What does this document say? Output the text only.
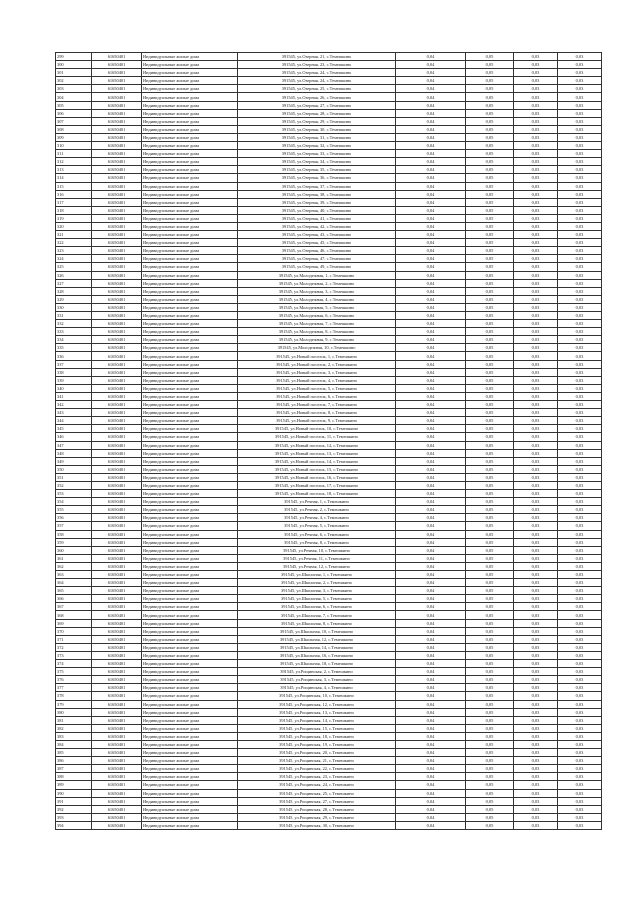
299	61650401	Индивидуальные жилые дома	391545, ул.Озерная, 21, с.Темешкино	0,04	0,05	0,03	0,03
300	61650401	Индивидуальные жилые дома	391545, ул.Озерная, 23, с.Темешкино	0,04	0,05	0,03	0,03
301	61650401	Индивидуальные жилые дома	391545, ул.Озерная, 24, с.Темешкино	0,04	0,05	0,03	0,03
302	61650401	Индивидуальные жилые дома	391545, ул.Озерная, 24, с.Темешкино	0,04	0,05	0,03	0,03
303	61650401	Индивидуальные жилые дома	391545, ул.Озерная, 25, с.Темешкино	0,04	0,05	0,03	0,03
304	61650401	Индивидуальные жилые дома	391545, ул.Озерная, 26, с.Темешкино	0,04	0,05	0,03	0,03
305	61650401	Индивидуальные жилые дома	391545, ул.Озерная, 27, с.Темешкино	0,04	0,05	0,03	0,03
306	61650401	Индивидуальные жилые дома	391545, ул.Озерная, 28, с.Темешкино	0,04	0,05	0,03	0,03
307	61650401	Индивидуальные жилые дома	391545, ул.Озерная, 29, с.Темешкино	0,04	0,05	0,03	0,03
308	61650401	Индивидуальные жилые дома	391545, ул.Озерная, 30, с.Темешкино	0,04	0,05	0,03	0,03
309	61650401	Индивидуальные жилые дома	391545, ул.Озерная, 31, с.Темешкино	0,04	0,05	0,03	0,03
310	61650401	Индивидуальные жилые дома	391545, ул.Озерная, 32, с.Темешкино	0,04	0,05	0,03	0,03
311	61650401	Индивидуальные жилые дома	391545, ул.Озерная, 33, с.Темешкино	0,04	0,05	0,03	0,03
312	61650401	Индивидуальные жилые дома	391545, ул.Озерная, 34, с.Темешкино	0,04	0,05	0,03	0,03
313	61650401	Индивидуальные жилые дома	391545, ул.Озерная, 35, с.Темешкино	0,04	0,05	0,03	0,03
314	61650401	Индивидуальные жилые дома	391545, ул.Озерная, 36, с.Темешкино	0,04	0,05	0,03	0,03
315	61650401	Индивидуальные жилые дома	391545, ул.Озерная, 37, с.Темешкино	0,04	0,05	0,03	0,03
316	61650401	Индивидуальные жилые дома	391545, ул.Озерная, 38, с.Темешкино	0,04	0,05	0,03	0,03
317	61650401	Индивидуальные жилые дома	391545, ул.Озерная, 39, с.Темешкино	0,04	0,05	0,03	0,03
318	61650401	Индивидуальные жилые дома	391545, ул.Озерная, 40, с.Темешкино	0,04	0,05	0,03	0,03
319	61650401	Индивидуальные жилые дома	391545, ул.Озерная, 41, с.Темешкино	0,04	0,05	0,03	0,03
320	61650401	Индивидуальные жилые дома	391545, ул.Озерная, 42, с.Темешкино	0,04	0,05	0,03	0,03
321	61650401	Индивидуальные жилые дома	391545, ул.Озерная, 43, с.Темешкино	0,04	0,05	0,03	0,03
322	61650401	Индивидуальные жилые дома	391545, ул.Озерная, 45, с.Темешкино	0,04	0,05	0,03	0,03
323	61650401	Индивидуальные жилые дома	391545, ул.Озерная, 46, с.Темешкино	0,04	0,05	0,03	0,03
324	61650401	Индивидуальные жилые дома	391545, ул.Озерная, 47, с.Темешкино	0,04	0,05	0,03	0,03
325	61650401	Индивидуальные жилые дома	391545, ул.Озерная, 49, с.Темешкино	0,04	0,05	0,03	0,03
326	61650401	Индивидуальные жилые дома	391545, ул.Молодежная, 1, с.Темешкино	0,04	0,05	0,03	0,03
327	61650401	Индивидуальные жилые дома	391545, ул.Молодежная, 2, с.Темешкино	0,04	0,05	0,03	0,03
328	61650401	Индивидуальные жилые дома	391545, ул.Молодежная, 3, с.Темешкино	0,04	0,05	0,03	0,03
329	61650401	Индивидуальные жилые дома	391545, ул.Молодежная, 4, с.Темешкино	0,04	0,05	0,03	0,03
330	61650401	Индивидуальные жилые дома	391545, ул.Молодежная, 5, с.Темешкино	0,04	0,05	0,03	0,03
331	61650401	Индивидуальные жилые дома	391545, ул.Молодежная, 6, с.Темешкино	0,04	0,05	0,03	0,03
332	61650401	Индивидуальные жилые дома	391545, ул.Молодежная, 7, с.Темешкино	0,04	0,05	0,03	0,03
333	61650401	Индивидуальные жилые дома	391545, ул.Молодежная, 8, с.Темешкино	0,04	0,05	0,03	0,03
334	61650401	Индивидуальные жилые дома	391545, ул.Молодежная, 9, с.Темешкино	0,04	0,05	0,03	0,03
335	61650401	Индивидуальные жилые дома	391545, ул.Молодежная, 10, с.Темешкино	0,04	0,05	0,03	0,03
336	61650401	Индивидуальные жилые дома	391545, ул.Новый поселок, 1, с.Темешкино	0,04	0,05	0,03	0,03
337	61650401	Индивидуальные жилые дома	391545, ул.Новый поселок, 2, с.Темешкино	0,04	0,05	0,03	0,03
338	61650401	Индивидуальные жилые дома	391545, ул.Новый поселок, 3, с.Темешкино	0,04	0,05	0,03	0,03
339	61650401	Индивидуальные жилые дома	391545, ул.Новый поселок, 4, с.Темешкино	0,04	0,05	0,03	0,03
340	61650401	Индивидуальные жилые дома	391545, ул.Новый поселок, 5, с.Темешкино	0,04	0,05	0,03	0,03
341	61650401	Индивидуальные жилые дома	391545, ул.Новый поселок, 6, с.Темешкино	0,04	0,05	0,03	0,03
342	61650401	Индивидуальные жилые дома	391545, ул.Новый поселок, 7, с.Темешкино	0,04	0,05	0,03	0,03
343	61650401	Индивидуальные жилые дома	391545, ул.Новый поселок, 8, с.Темешкино	0,04	0,05	0,03	0,03
344	61650401	Индивидуальные жилые дома	391545, ул.Новый поселок, 9, с.Темешкино	0,04	0,05	0,03	0,03
345	61650401	Индивидуальные жилые дома	391545, ул.Новый поселок, 10, с.Темешкино	0,04	0,05	0,03	0,03
346	61650401	Индивидуальные жилые дома	391545, ул.Новый поселок, 11, с.Темешкино	0,04	0,05	0,03	0,03
347	61650401	Индивидуальные жилые дома	391545, ул.Новый поселок, 12, с.Темешкино	0,04	0,05	0,03	0,03
348	61650401	Индивидуальные жилые дома	391545, ул.Новый поселок, 13, с.Темешкино	0,04	0,05	0,03	0,03
349	61650401	Индивидуальные жилые дома	391545, ул.Новый поселок, 14, с.Темешкино	0,04	0,05	0,03	0,03
350	61650401	Индивидуальные жилые дома	391545, ул.Новый поселок, 15, с.Темешкино	0,04	0,05	0,03	0,03
351	61650401	Индивидуальные жилые дома	391545, ул.Новый поселок, 16, с.Темешкино	0,04	0,05	0,03	0,03
352	61650401	Индивидуальные жилые дома	391545, ул.Новый поселок, 17, с.Темешкино	0,04	0,05	0,03	0,03
353	61650401	Индивидуальные жилые дома	391545, ул.Новый поселок, 18, с.Темешкино	0,04	0,05	0,03	0,03
354	61650401	Индивидуальные жилые дома	391545, ул.Речная, 1, с.Темешкино	0,04	0,05	0,03	0,03
355	61650401	Индивидуальные жилые дома	391545, ул.Речная, 2, с.Темешкино	0,04	0,05	0,03	0,03
356	61650401	Индивидуальные жилые дома	391545, ул.Речная, 4, с.Темешкино	0,04	0,05	0,03	0,03
357	61650401	Индивидуальные жилые дома	391545, ул.Речная, 5, с.Темешкино	0,04	0,05	0,03	0,03
358	61650401	Индивидуальные жилые дома	391545, ул.Речная, 6, с.Темешкино	0,04	0,05	0,03	0,03
359	61650401	Индивидуальные жилые дома	391545, ул.Речная, 8, с.Темешкино	0,04	0,05	0,03	0,03
360	61650401	Индивидуальные жилые дома	391545, ул.Речная, 10, с.Темешкино	0,04	0,05	0,03	0,03
361	61650401	Индивидуальные жилые дома	391545, ул.Речная, 11, с.Темешкино	0,04	0,05	0,03	0,03
362	61650401	Индивидуальные жилые дома	391545, ул.Речная, 12, с.Темешкино	0,04	0,05	0,03	0,03
363	61650401	Индивидуальные жилые дома	391545, ул.Школьная, 1, с.Темешкино	0,04	0,05	0,03	0,03
364	61650401	Индивидуальные жилые дома	391545, ул.Школьная, 2, с.Темешкино	0,04	0,05	0,03	0,03
365	61650401	Индивидуальные жилые дома	391545, ул.Школьная, 3, с.Темешкино	0,04	0,05	0,03	0,03
366	61650401	Индивидуальные жилые дома	391545, ул.Школьная, 5, с.Темешкино	0,04	0,05	0,03	0,03
367	61650401	Индивидуальные жилые дома	391545, ул.Школьная, 6, с.Темешкино	0,04	0,05	0,03	0,03
368	61650401	Индивидуальные жилые дома	391545, ул.Школьная, 7, с.Темешкино	0,04	0,05	0,03	0,03
369	61650401	Индивидуальные жилые дома	391545, ул.Школьная, 8, с.Темешкино	0,04	0,05	0,03	0,03
370	61650401	Индивидуальные жилые дома	391545, ул.Школьная, 10, с.Темешкино	0,04	0,05	0,03	0,03
371	61650401	Индивидуальные жилые дома	391545, ул.Школьная, 12, с.Темешкино	0,04	0,05	0,03	0,03
372	61650401	Индивидуальные жилые дома	391545, ул.Школьная, 14, с.Темешкино	0,04	0,05	0,03	0,03
373	61650401	Индивидуальные жилые дома	391545, ул.Школьная, 16, с.Темешкино	0,04	0,05	0,03	0,03
374	61650401	Индивидуальные жилые дома	391545, ул.Школьная, 18, с.Темешкино	0,04	0,05	0,03	0,03
375	61650401	Индивидуальные жилые дома	391545, ул.Рощинская, 2, с.Темешкино	0,04	0,05	0,03	0,03
376	61650401	Индивидуальные жилые дома	391545, ул.Рощинская, 3, с.Темешкино	0,04	0,05	0,03	0,03
377	61650401	Индивидуальные жилые дома	391545, ул.Рощинская, 4, с.Темешкино	0,04	0,05	0,03	0,03
378	61650401	Индивидуальные жилые дома	391545, ул.Рощинская, 10, с.Темешкино	0,04	0,05	0,03	0,03
379	61650401	Индивидуальные жилые дома	391545, ул.Рощинская, 12, с.Темешкино	0,04	0,05	0,03	0,03
380	61650401	Индивидуальные жилые дома	391545, ул.Рощинская, 13, с.Темешкино	0,04	0,05	0,03	0,03
381	61650401	Индивидуальные жилые дома	391545, ул.Рощинская, 14, с.Темешкино	0,04	0,05	0,03	0,03
382	61650401	Индивидуальные жилые дома	391545, ул.Рощинская, 15, с.Темешкино	0,04	0,05	0,03	0,03
383	61650401	Индивидуальные жилые дома	391545, ул.Рощинская, 18, с.Темешкино	0,04	0,05	0,03	0,03
384	61650401	Индивидуальные жилые дома	391545, ул.Рощинская, 19, с.Темешкино	0,04	0,05	0,03	0,03
385	61650401	Индивидуальные жилые дома	391545, ул.Рощинская, 20, с.Темешкино	0,04	0,05	0,03	0,03
386	61650401	Индивидуальные жилые дома	391545, ул.Рощинская, 21, с.Темешкино	0,04	0,05	0,03	0,03
387	61650401	Индивидуальные жилые дома	391545, ул.Рощинская, 22, с.Темешкино	0,04	0,05	0,03	0,03
388	61650401	Индивидуальные жилые дома	391545, ул.Рощинская, 23, с.Темешкино	0,04	0,05	0,03	0,03
389	61650401	Индивидуальные жилые дома	391545, ул.Рощинская, 24, с.Темешкино	0,04	0,05	0,03	0,03
390	61650401	Индивидуальные жилые дома	391545, ул.Рощинская, 25, с.Темешкино	0,04	0,05	0,03	0,03
391	61650401	Индивидуальные жилые дома	391545, ул.Рощинская, 27, с.Темешкино	0,04	0,05	0,03	0,03
392	61650401	Индивидуальные жилые дома	391545, ул.Рощинская, 28, с.Темешкино	0,04	0,05	0,03	0,03
393	61650401	Индивидуальные жилые дома	391545, ул.Рощинская, 29, с.Темешкино	0,04	0,05	0,03	0,03
394	61650401	Индивидуальные жилые дома	391545, ул.Рощинская, 30, с.Темешкино	0,04	0,05	0,03	0,03
